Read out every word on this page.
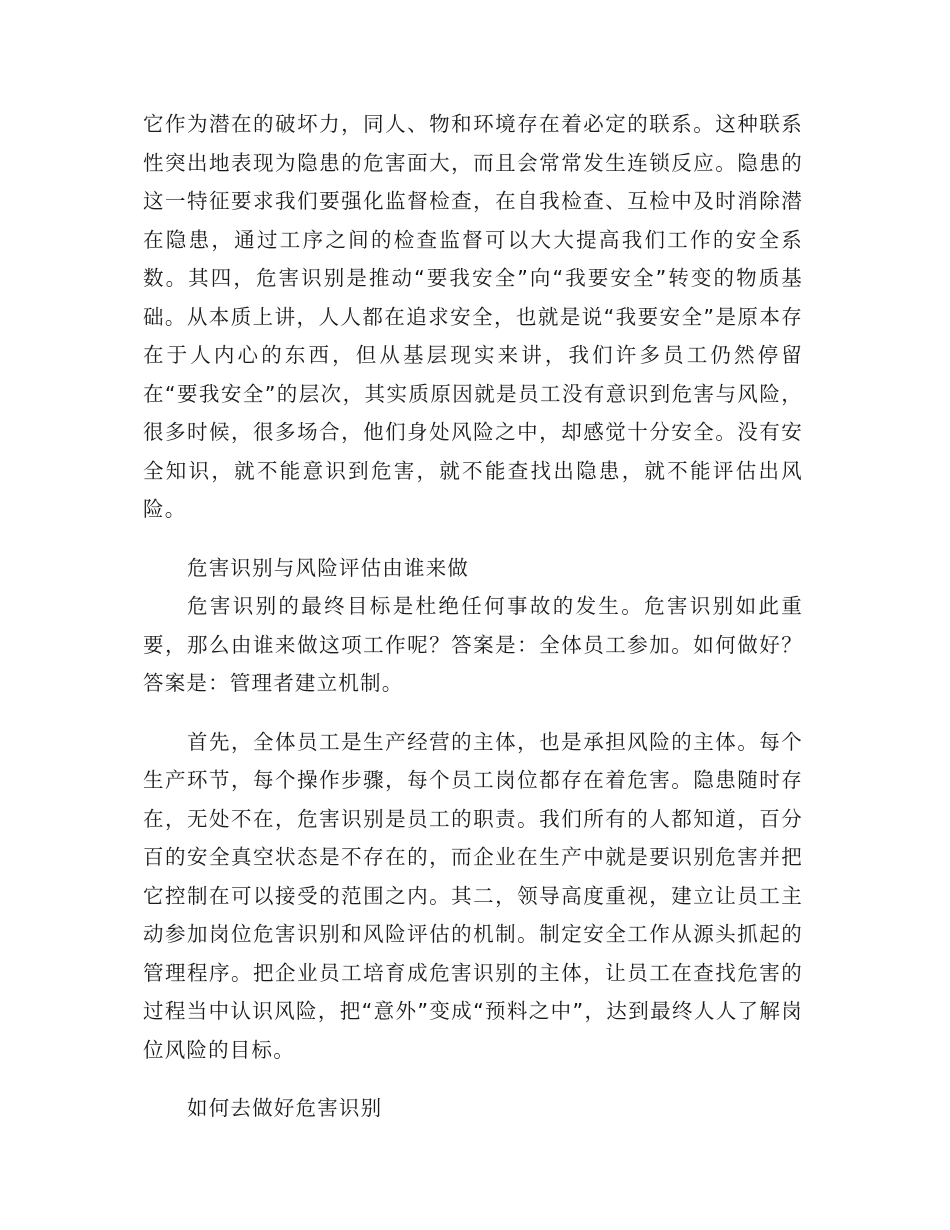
它作为潜在的破坏力，同人、物和环境存在着必定的联系。这种联系性突出地表现为隐患的危害面大，而且会常常发生连锁反应。隐患的这一特征要求我们要强化监督检查，在自我检查、互检中及时消除潜在隐患，通过工序之间的检查监督可以大大提高我们工作的安全系数。其四，危害识别是推动“要我安全”向“我要安全”转变的物质基础。从本质上讲，人人都在追求安全，也就是说“我要安全”是原本存在于人内心的东西，但从基层现实来讲，我们许多员工仍然停留在“要我安全”的层次，其实质原因就是员工没有意识到危害与风险，很多时候，很多场合，他们身处风险之中，却感觉十分安全。没有安全知识，就不能意识到危害，就不能查找出隐患，就不能评估出风险。

危害识别与风险评估由谁来做

危害识别的最终目标是杜绝任何事故的发生。危害识别如此重要，那么由谁来做这项工作呢？答案是：全体员工参加。如何做好？答案是：管理者建立机制。

首先，全体员工是生产经营的主体，也是承担风险的主体。每个生产环节，每个操作步骤，每个员工岗位都存在着危害。隐患随时存在，无处不在，危害识别是员工的职责。我们所有的人都知道，百分百的安全真空状态是不存在的，而企业在生产中就是要识别危害并把它控制在可以接受的范围之内。其二，领导高度重视，建立让员工主动参加岗位危害识别和风险评估的机制。制定安全工作从源头抓起的管理程序。把企业员工培育成危害识别的主体，让员工在查找危害的过程当中认识风险，把“意外”变成“预料之中”，达到最终人人了解岗位风险的目标。

如何去做好危害识别
